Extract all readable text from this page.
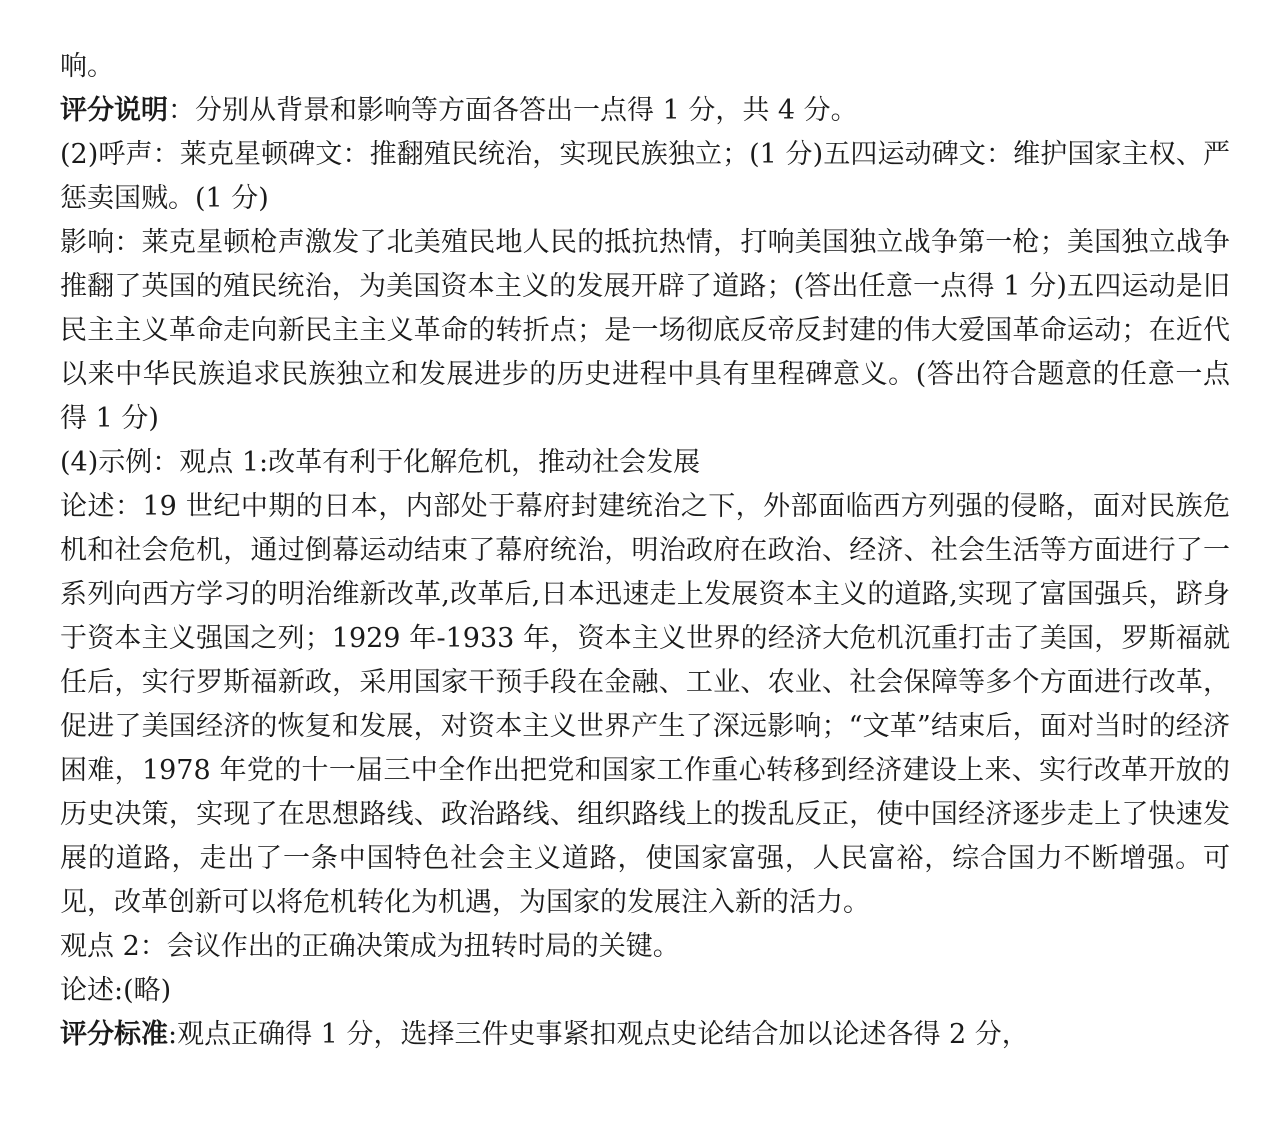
响。

评分说明：分别从背景和影响等方面各答出一点得 1 分，共 4 分。

(2)呼声：莱克星顿碑文：推翻殖民统治，实现民族独立；(1 分)五四运动碑文：维护国家主权、严惩卖国贼。(1 分)

影响：莱克星顿枪声激发了北美殖民地人民的抵抗热情，打响美国独立战争第一枪；美国独立战争推翻了英国的殖民统治，为美国资本主义的发展开辟了道路；(答出任意一点得 1 分)五四运动是旧民主主义革命走向新民主主义革命的转折点；是一场彻底反帝反封建的伟大爱国革命运动；在近代以来中华民族追求民族独立和发展进步的历史进程中具有里程碑意义。(答出符合题意的任意一点得 1 分)

(4)示例：观点 1:改革有利于化解危机，推动社会发展

论述：19 世纪中期的日本，内部处于幕府封建统治之下，外部面临西方列强的侵略，面对民族危机和社会危机，通过倒幕运动结束了幕府统治，明治政府在政治、经济、社会生活等方面进行了一系列向西方学习的明治维新改革,改革后,日本迅速走上发展资本主义的道路,实现了富国强兵，跻身于资本主义强国之列；1929 年-1933 年，资本主义世界的经济大危机沉重打击了美国，罗斯福就任后，实行罗斯福新政，采用国家干预手段在金融、工业、农业、社会保障等多个方面进行改革，促进了美国经济的恢复和发展，对资本主义世界产生了深远影响；“文革”结束后，面对当时的经济困难，1978 年党的十一届三中全作出把党和国家工作重心转移到经济建设上来、实行改革开放的历史决策，实现了在思想路线、政治路线、组织路线上的拨乱反正，使中国经济逐步走上了快速发展的道路，走出了一条中国特色社会主义道路，使国家富强，人民富裕，综合国力不断增强。可见，改革创新可以将危机转化为机遇，为国家的发展注入新的活力。

观点 2：会议作出的正确决策成为扭转时局的关键。

论述:(略)

评分标准:观点正确得 1 分，选择三件史事紧扣观点史论结合加以论述各得 2 分，
